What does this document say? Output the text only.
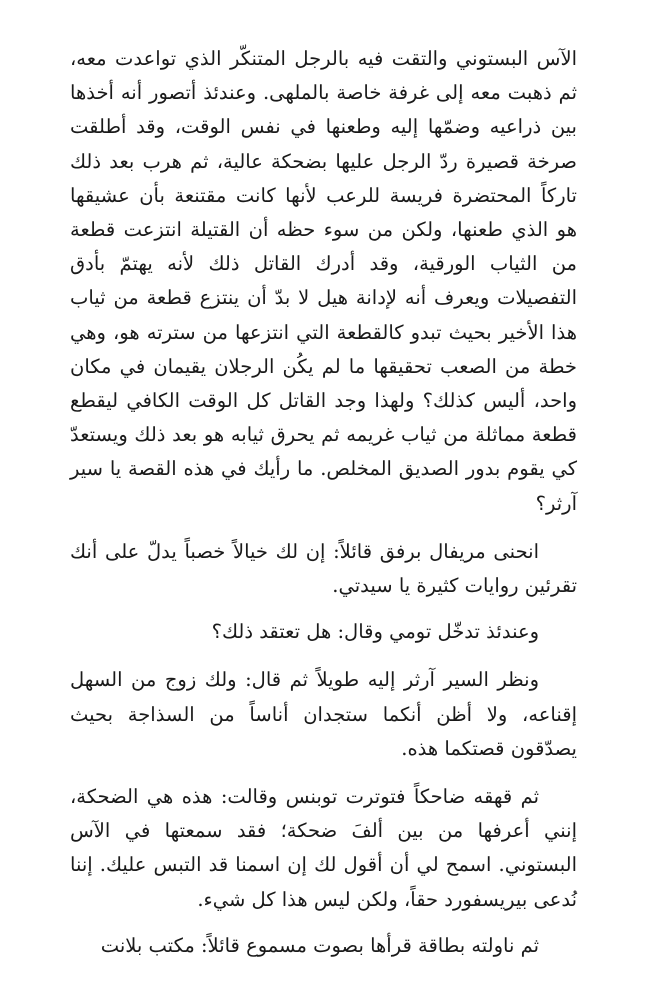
الآس البستوني والتقت فيه بالرجل المتنكّر الذي تواعدت معه، ثم ذهبت معه إلى غرفة خاصة بالملهى. وعندئذ أتصور أنه أخذها بين ذراعيه وضمّها إليه وطعنها في نفس الوقت، وقد أطلقت صرخة قصيرة ردّ الرجل عليها بضحكة عالية، ثم هرب بعد ذلك تاركاً المحتضرة فريسة للرعب لأنها كانت مقتنعة بأن عشيقها هو الذي طعنها، ولكن من سوء حظه أن القتيلة انتزعت قطعة من الثياب الورقية، وقد أدرك القاتل ذلك لأنه يهتمّ بأدق التفصيلات ويعرف أنه لإدانة هيل لا بدّ أن ينتزع قطعة من ثياب هذا الأخير بحيث تبدو كالقطعة التي انتزعها من سترته هو، وهي خطة من الصعب تحقيقها ما لم يكُن الرجلان يقيمان في مكان واحد، أليس كذلك؟ ولهذا وجد القاتل كل الوقت الكافي ليقطع قطعة مماثلة من ثياب غريمه ثم يحرق ثيابه هو بعد ذلك ويستعدّ كي يقوم بدور الصديق المخلص. ما رأيك في هذه القصة يا سير آرثر؟

انحنى مريفال برفق قائلاً: إن لك خيالاً خصباً يدلّ على أنك تقرئين روايات كثيرة يا سيدتي.

وعندئذ تدخّل تومي وقال: هل تعتقد ذلك؟

ونظر السير آرثر إليه طويلاً ثم قال: ولك زوج من السهل إقناعه، ولا أظن أنكما ستجدان أناساً من السذاجة بحيث يصدّقون قصتكما هذه.

ثم قهقه ضاحكاً فتوترت توبنس وقالت: هذه هي الضحكة، إنني أعرفها من بين ألفَ ضحكة؛ فقد سمعتها في الآس البستوني. اسمح لي أن أقول لك إن اسمنا قد التبس عليك. إننا نُدعى بيريسفورد حقاً، ولكن ليس هذا كل شيء.

ثم ناولته بطاقة قرأها بصوت مسموع قائلاً: مكتب بلانت
